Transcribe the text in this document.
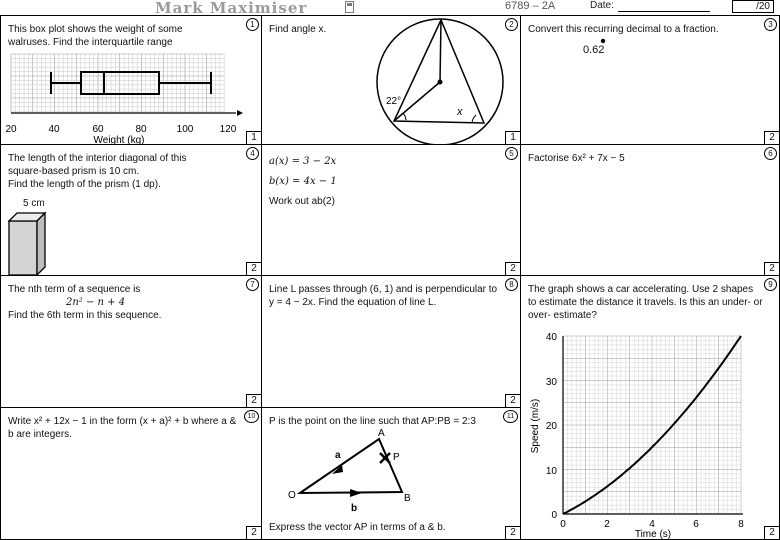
Mark Maximiser	6789 – 2A	Date:	/20
1
This box plot shows the weight of some walruses. Find the interquartile range
20	40	60	80	100	120
Weight (kg)	1
2
Find angle x.
22°
x
1
3
Convert this recurring decimal to a fraction.
0.62
2
4
The length of the interior diagonal of this square-based prism is 10 cm.
Find the length of the prism (1 dp).
5 cm
2
5
a(x) = 3 − 2x
b(x) = 4x − 1
Work out ab(2)
2
6
Factorise 6x² + 7x − 5
2
7
The nth term of a sequence is
2n² − n + 4
Find the 6th term in this sequence.
2
8
Line L passes through (6, 1) and is perpendicular to y = 4 − 2x. Find the equation of line L.
2
9
The graph shows a car accelerating. Use 2 shapes to estimate the distance it travels. Is this an under- or over- estimate?
0
10
20
30
40
0	2	4	6	8
Time (s)
Speed (m/s)
2
10
Write x² + 12x − 1 in the form (x + a)² + b where a & b are integers.
2
11
P is the point on the line such that AP:PB = 2:3
A
P
O	B
a
b
Express the vector AP in terms of a & b.	2
